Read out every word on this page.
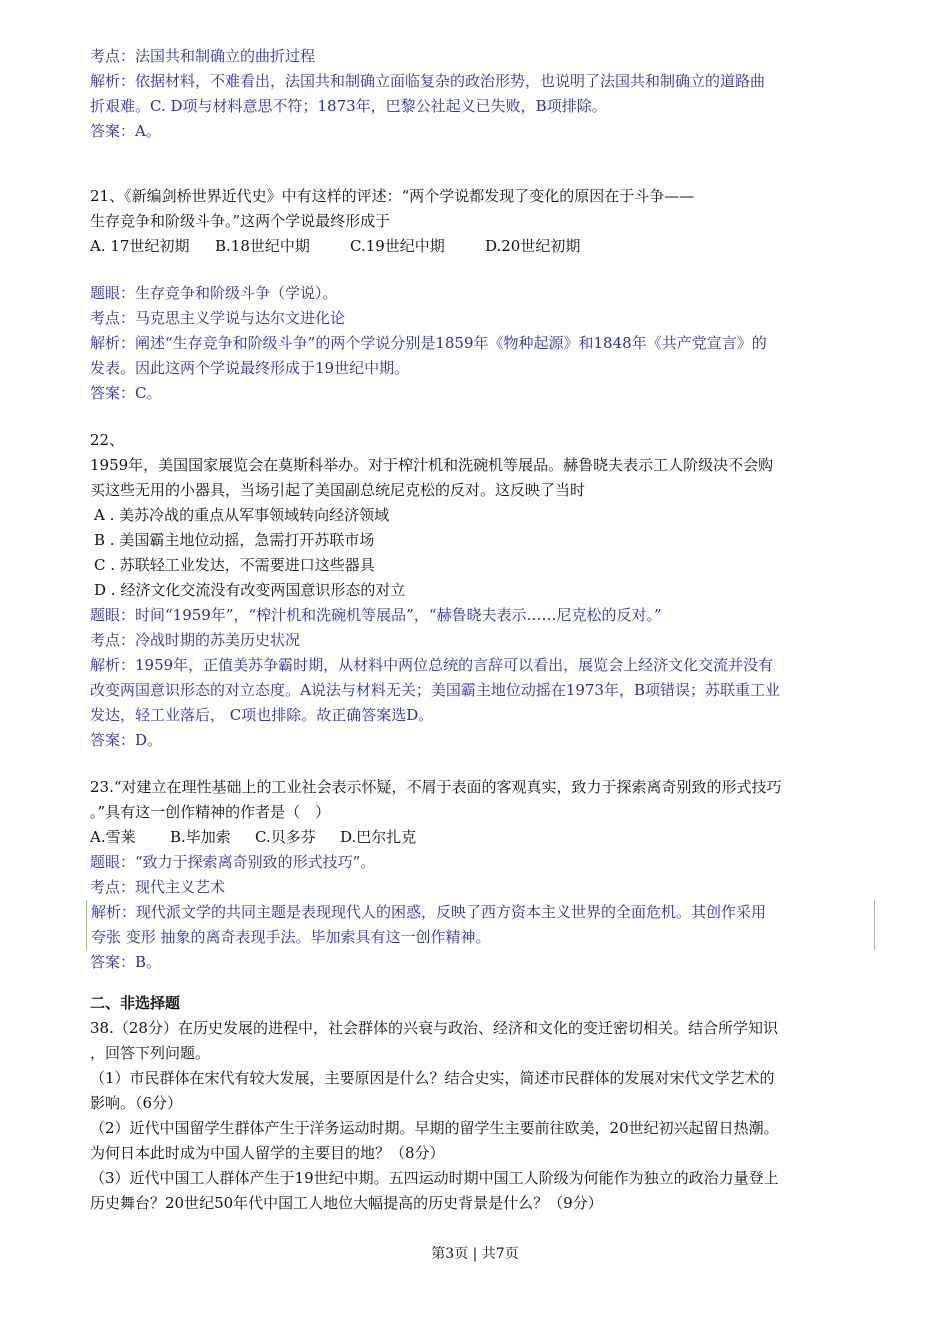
考点：法国共和制确立的曲折过程
解析：依据材料，不难看出，法国共和制确立面临复杂的政治形势，也说明了法国共和制确立的道路曲
折艰难。C. D项与材料意思不符；1873年，巴黎公社起义已失败，B项排除。
答案：A。
21、《新编剑桥世界近代史》中有这样的评述：“两个学说都发现了变化的原因在于斗争——
生存竞争和阶级斗争。”这两个学说最终形成于
A. 17世纪初期 B.18世纪中期	C.19世纪中期	D.20世纪初期
题眼：生存竞争和阶级斗争（学说）。
考点：马克思主义学说与达尔文进化论
解析：阐述“生存竞争和阶级斗争”的两个学说分别是1859年《物种起源》和1848年《共产党宣言》的
发表。因此这两个学说最终形成于19世纪中期。
答案：C。
22、
1959年，美国国家展览会在莫斯科举办。对于榨汁机和洗碗机等展品。赫鲁晓夫表示工人阶级决不会购
买这些无用的小器具，当场引起了美国副总统尼克松的反对。这反映了当时
A . 美苏冷战的重点从军事领域转向经济领域
B . 美国霸主地位动摇，急需打开苏联市场
C . 苏联轻工业发达，不需要进口这些器具
D . 经济文化交流没有改变两国意识形态的对立
题眼：时间“1959年”，“榨汁机和洗碗机等展品”，“赫鲁晓夫表示……尼克松的反对。”
考点：冷战时期的苏美历史状况
解析：1959年，正值美苏争霸时期，从材料中两位总统的言辞可以看出，展览会上经济文化交流并没有
改变两国意识形态的对立态度。A说法与材料无关；美国霸主地位动摇在1973年，B项错误；苏联重工业
发达，轻工业落后， C项也排除。故正确答案选D。
答案：D。
23.“对建立在理性基础上的工业社会表示怀疑，不屑于表面的客观真实，致力于探索离奇别致的形式技巧
。”具有这一创作精神的作者是（　）
A.雪莱 B.毕加索 C.贝多芬 D.巴尔扎克
题眼：“致力于探索离奇别致的形式技巧”。
考点：现代主义艺术
解析：现代派文学的共同主题是表现现代人的困惑，反映了西方资本主义世界的全面危机。其创作采用
夸张 变形 抽象的离奇表现手法。毕加索具有这一创作精神。
答案：B。
二、非选择题
38.（28分）在历史发展的进程中，社会群体的兴衰与政治、经济和文化的变迁密切相关。结合所学知识
，回答下列问题。
（1）市民群体在宋代有较大发展，主要原因是什么？结合史实，简述市民群体的发展对宋代文学艺术的
影响。（6分）
（2）近代中国留学生群体产生于洋务运动时期。早期的留学生主要前往欧美，20世纪初兴起留日热潮。
为何日本此时成为中国人留学的主要目的地？（8分）
（3）近代中国工人群体产生于19世纪中期。五四运动时期中国工人阶级为何能作为独立的政治力量登上
历史舞台？20世纪50年代中国工人地位大幅提高的历史背景是什么？（9分）
第3页 | 共7页
